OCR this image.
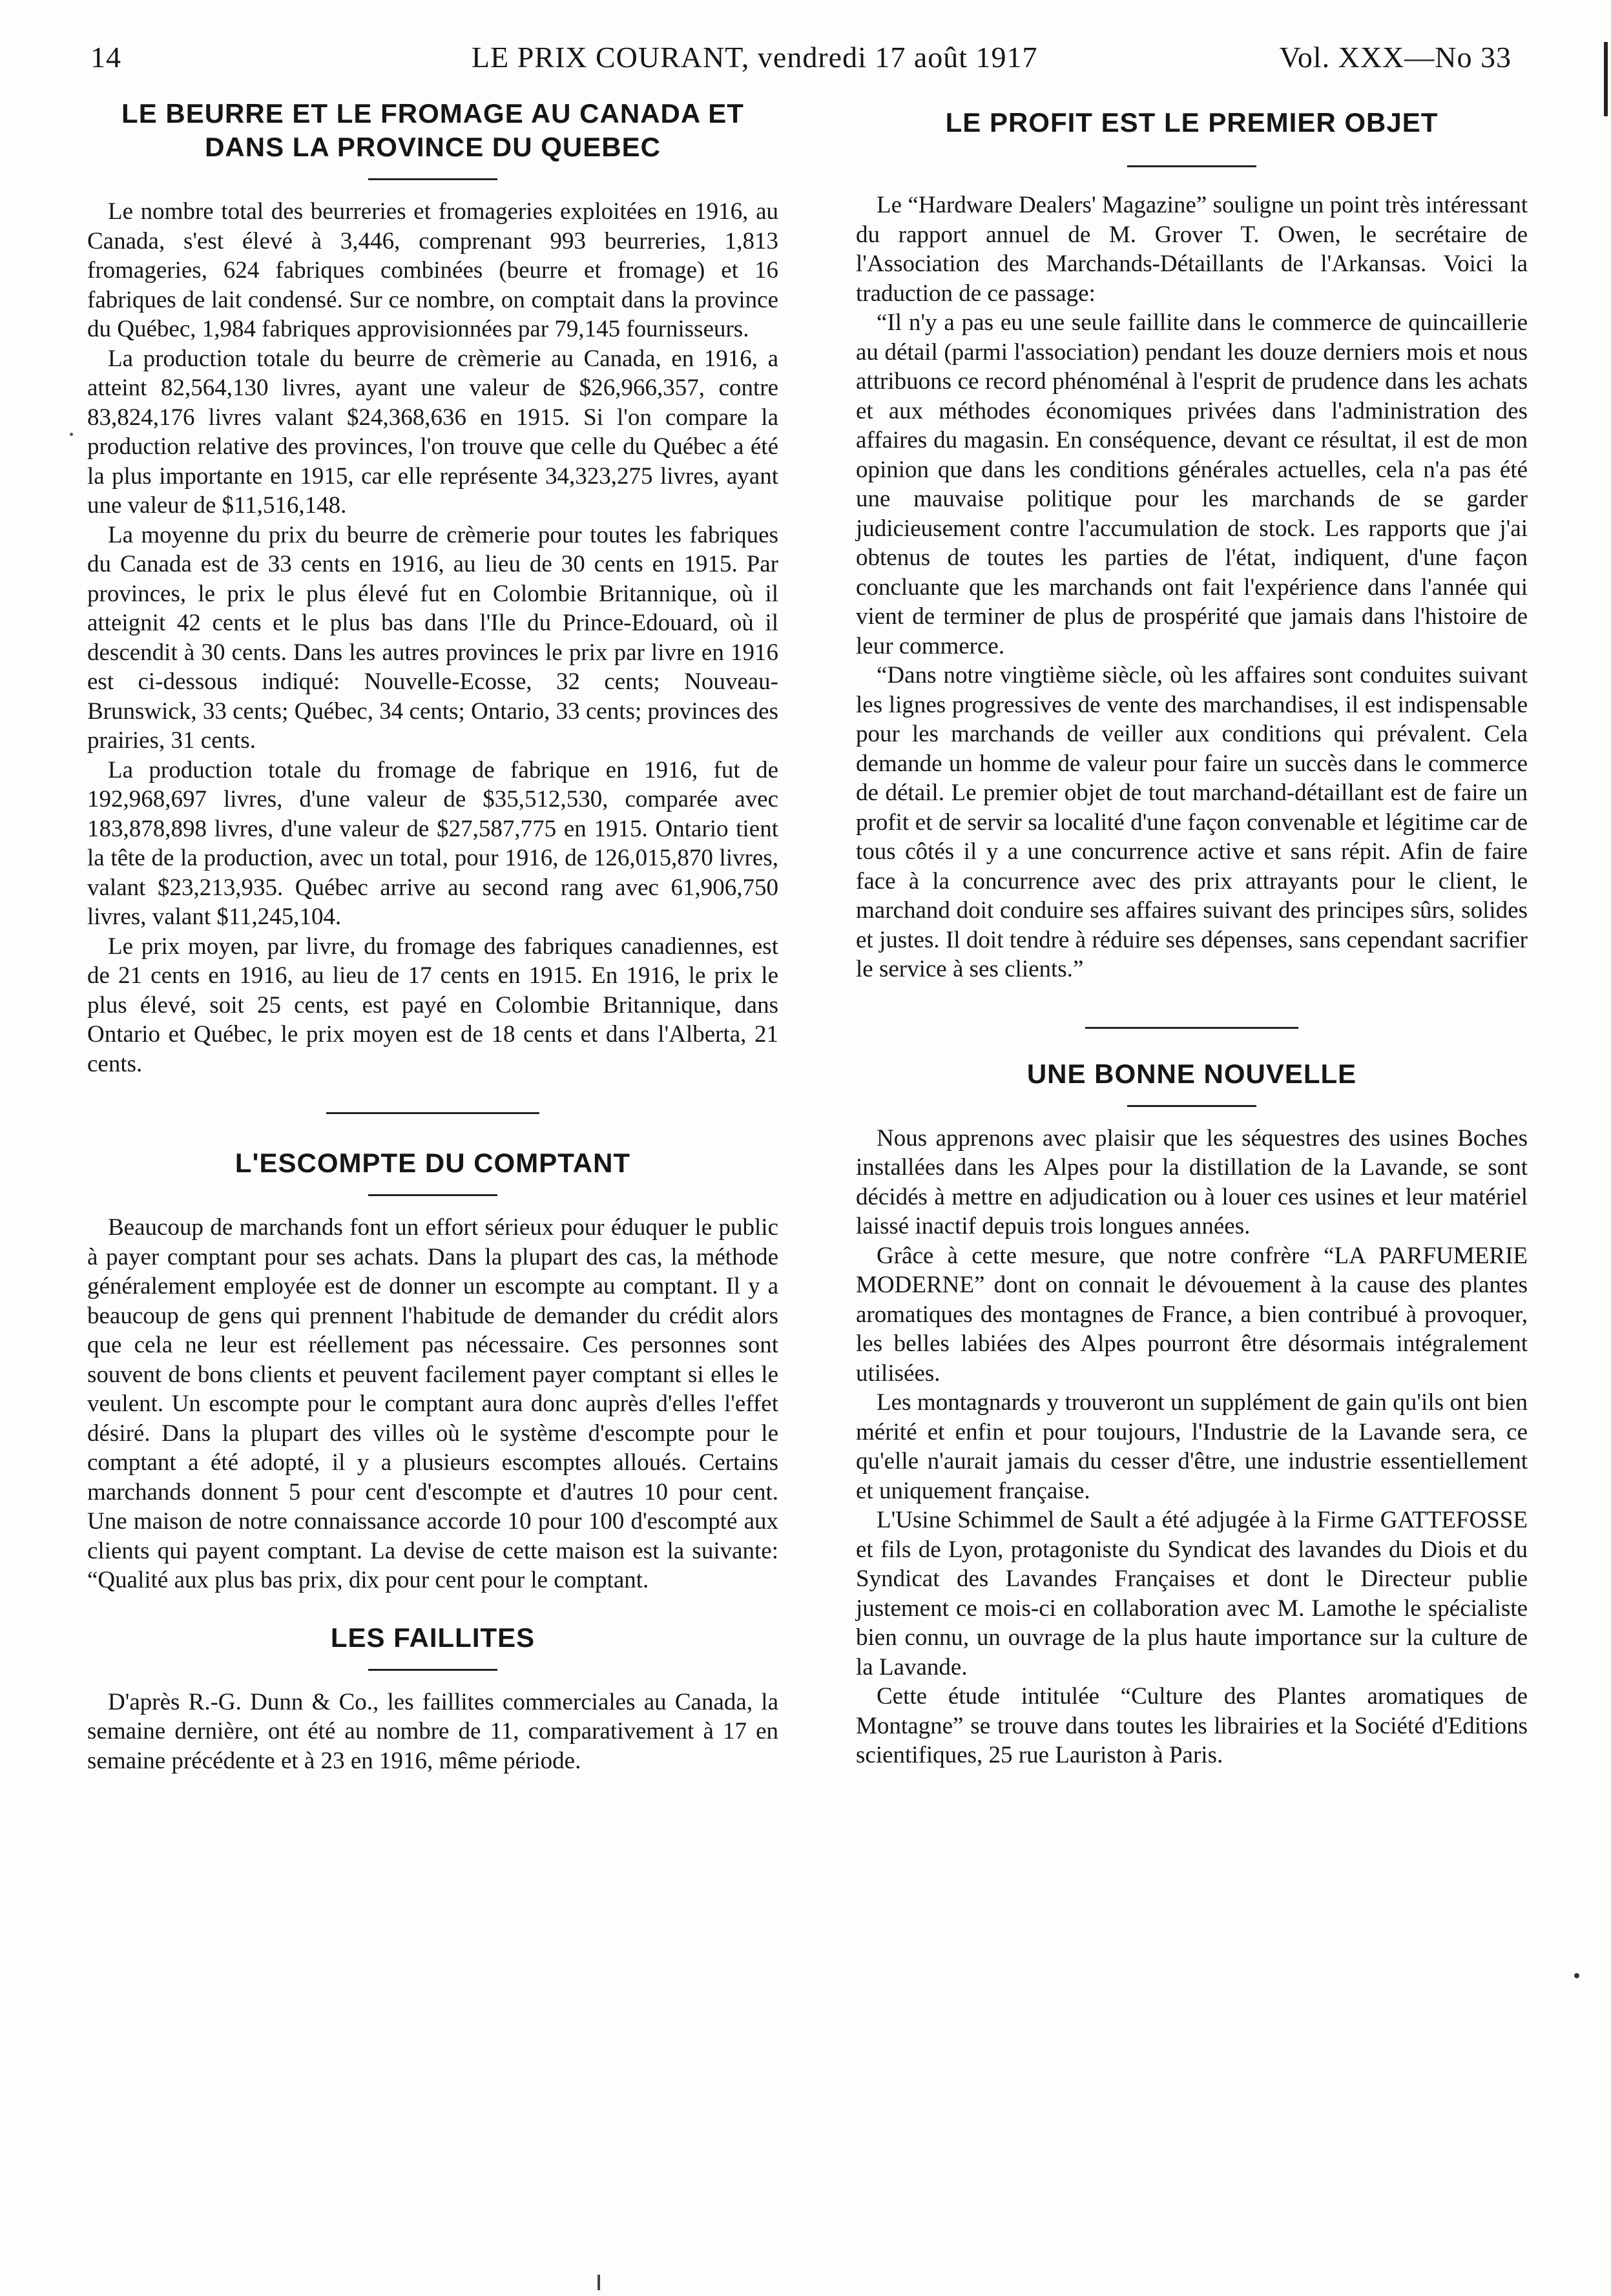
14	LE PRIX COURANT, vendredi 17 août 1917	Vol. XXX—No 33
LE BEURRE ET LE FROMAGE AU CANADA ET
DANS LA PROVINCE DU QUEBEC

Le nombre total des beurreries et fromageries exploitées en 1916, au Canada, s'est élevé à 3,446, comprenant 993 beurreries, 1,813 fromageries, 624 fabriques combinées (beurre et fromage) et 16 fabriques de lait condensé. Sur ce nombre, on comptait dans la province du Québec, 1,984 fabriques approvisionnées par 79,145 fournisseurs.

La production totale du beurre de crèmerie au Canada, en 1916, a atteint 82,564,130 livres, ayant une valeur de $26,966,357, contre 83,824,176 livres valant $24,368,636 en 1915. Si l'on compare la production relative des provinces, l'on trouve que celle du Québec a été la plus importante en 1915, car elle représente 34,323,275 livres, ayant une valeur de $11,516,148.

La moyenne du prix du beurre de crèmerie pour toutes les fabriques du Canada est de 33 cents en 1916, au lieu de 30 cents en 1915. Par provinces, le prix le plus élevé fut en Colombie Britannique, où il atteignit 42 cents et le plus bas dans l'Ile du Prince-Edouard, où il descendit à 30 cents. Dans les autres provinces le prix par livre en 1916 est ci-dessous indiqué: Nouvelle-Ecosse, 32 cents; Nouveau-Brunswick, 33 cents; Québec, 34 cents; Ontario, 33 cents; provinces des prairies, 31 cents.

La production totale du fromage de fabrique en 1916, fut de 192,968,697 livres, d'une valeur de $35,512,530, comparée avec 183,878,898 livres, d'une valeur de $27,587,775 en 1915. Ontario tient la tête de la production, avec un total, pour 1916, de 126,015,870 livres, valant $23,213,935. Québec arrive au second rang avec 61,906,750 livres, valant $11,245,104.

Le prix moyen, par livre, du fromage des fabriques canadiennes, est de 21 cents en 1916, au lieu de 17 cents en 1915. En 1916, le prix le plus élevé, soit 25 cents, est payé en Colombie Britannique, dans Ontario et Québec, le prix moyen est de 18 cents et dans l'Alberta, 21 cents.

L'ESCOMPTE DU COMPTANT

Beaucoup de marchands font un effort sérieux pour éduquer le public à payer comptant pour ses achats. Dans la plupart des cas, la méthode généralement employée est de donner un escompte au comptant. Il y a beaucoup de gens qui prennent l'habitude de demander du crédit alors que cela ne leur est réellement pas nécessaire. Ces personnes sont souvent de bons clients et peuvent facilement payer comptant si elles le veulent. Un escompte pour le comptant aura donc auprès d'elles l'effet désiré. Dans la plupart des villes où le système d'escompte pour le comptant a été adopté, il y a plusieurs escomptes alloués. Certains marchands donnent 5 pour cent d'escompte et d'autres 10 pour cent. Une maison de notre connaissance accorde 10 pour 100 d'escompté aux clients qui payent comptant. La devise de cette maison est la suivante: “Qualité aux plus bas prix, dix pour cent pour le comptant.

LES FAILLITES

D'après R.-G. Dunn & Co., les faillites commerciales au Canada, la semaine dernière, ont été au nombre de 11, comparativement à 17 en semaine précédente et à 23 en 1916, même période.

LE PROFIT EST LE PREMIER OBJET

Le “Hardware Dealers' Magazine” souligne un point très intéressant du rapport annuel de M. Grover T. Owen, le secrétaire de l'Association des Marchands-Détaillants de l'Arkansas. Voici la traduction de ce passage:

“Il n'y a pas eu une seule faillite dans le commerce de quincaillerie au détail (parmi l'association) pendant les douze derniers mois et nous attribuons ce record phénoménal à l'esprit de prudence dans les achats et aux méthodes économiques privées dans l'administration des affaires du magasin. En conséquence, devant ce résultat, il est de mon opinion que dans les conditions générales actuelles, cela n'a pas été une mauvaise politique pour les marchands de se garder judicieusement contre l'accumulation de stock. Les rapports que j'ai obtenus de toutes les parties de l'état, indiquent, d'une façon concluante que les marchands ont fait l'expérience dans l'année qui vient de terminer de plus de prospérité que jamais dans l'histoire de leur commerce.

“Dans notre vingtième siècle, où les affaires sont conduites suivant les lignes progressives de vente des marchandises, il est indispensable pour les marchands de veiller aux conditions qui prévalent. Cela demande un homme de valeur pour faire un succès dans le commerce de détail. Le premier objet de tout marchand-détaillant est de faire un profit et de servir sa localité d'une façon convenable et légitime car de tous côtés il y a une concurrence active et sans répit. Afin de faire face à la concurrence avec des prix attrayants pour le client, le marchand doit conduire ses affaires suivant des principes sûrs, solides et justes. Il doit tendre à réduire ses dépenses, sans cependant sacrifier le service à ses clients.”

UNE BONNE NOUVELLE

Nous apprenons avec plaisir que les séquestres des usines Boches installées dans les Alpes pour la distillation de la Lavande, se sont décidés à mettre en adjudication ou à louer ces usines et leur matériel laissé inactif depuis trois longues années.

Grâce à cette mesure, que notre confrère “LA PARFUMERIE MODERNE” dont on connait le dévouement à la cause des plantes aromatiques des montagnes de France, a bien contribué à provoquer, les belles labiées des Alpes pourront être désormais intégralement utilisées.

Les montagnards y trouveront un supplément de gain qu'ils ont bien mérité et enfin et pour toujours, l'Industrie de la Lavande sera, ce qu'elle n'aurait jamais du cesser d'être, une industrie essentiellement et uniquement française.

L'Usine Schimmel de Sault a été adjugée à la Firme GATTEFOSSE et fils de Lyon, protagoniste du Syndicat des lavandes du Diois et du Syndicat des Lavandes Françaises et dont le Directeur publie justement ce mois-ci en collaboration avec M. Lamothe le spécialiste bien connu, un ouvrage de la plus haute importance sur la culture de la Lavande.

Cette étude intitulée “Culture des Plantes aromatiques de Montagne” se trouve dans toutes les librairies et la Société d'Editions scientifiques, 25 rue Lauriston à Paris.
